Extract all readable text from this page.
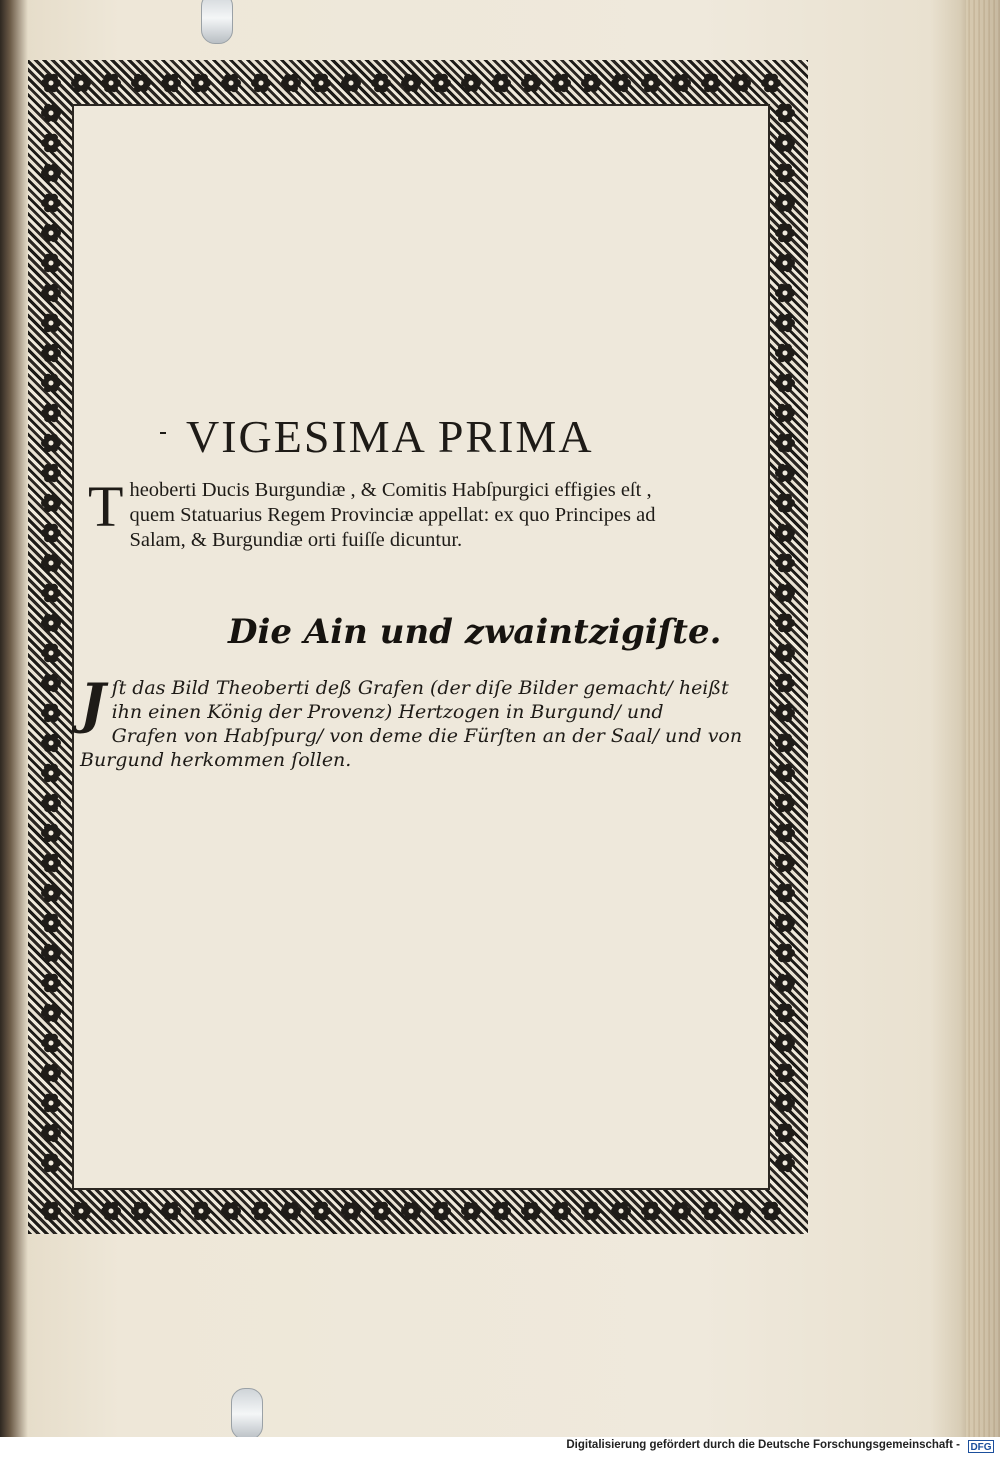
VIGESIMA PRIMA
T heoberti Ducis Burgundiæ , & Comitis Habſpurgici effigies eſt ,
quem Statuarius Regem Provinciæ appellat: ex quo Principes ad
Salam, & Burgundiæ orti fuiſſe dicuntur.
Die Ain und zwaintzigiſte.
J ſt das Bild Theoberti deß Grafen (der diſe Bilder gemacht/ heißt
ihn einen König der Provenz) Hertzogen in Burgund/ und
Grafen von Habſpurg/ von deme die Fürſten an der Saal/ und von
Burgund herkommen ſollen.
Digitalisierung gefördert durch die Deutsche Forschungsgemeinschaft - DFG
